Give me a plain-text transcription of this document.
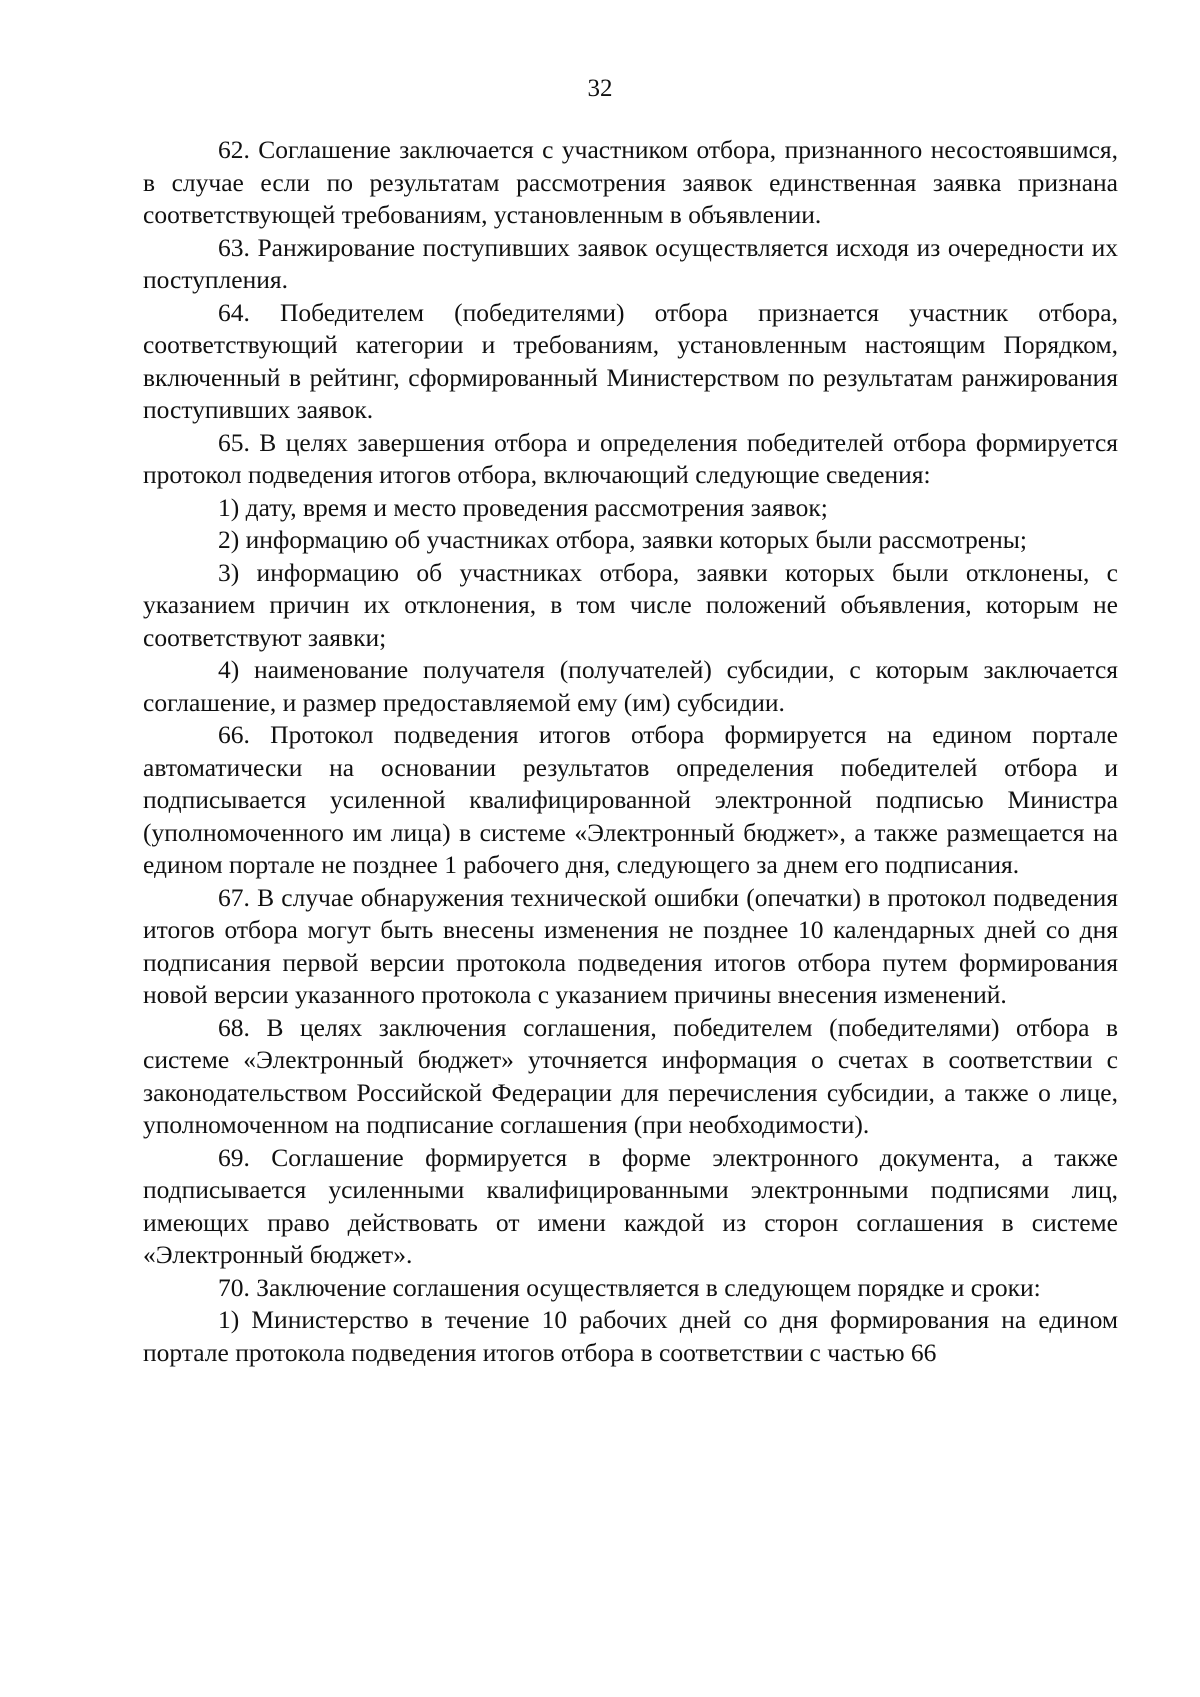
32

62. Соглашение заключается с участником отбора, признанного несостоявшимся, в случае если по результатам рассмотрения заявок единственная заявка признана соответствующей требованиям, установленным в объявлении.

63. Ранжирование поступивших заявок осуществляется исходя из очередности их поступления.

64. Победителем (победителями) отбора признается участник отбора, соответствующий категории и требованиям, установленным настоящим Порядком, включенный в рейтинг, сформированный Министерством по результатам ранжирования поступивших заявок.

65. В целях завершения отбора и определения победителей отбора формируется протокол подведения итогов отбора, включающий следующие сведения:

1) дату, время и место проведения рассмотрения заявок;

2) информацию об участниках отбора, заявки которых были рассмотрены;

3) информацию об участниках отбора, заявки которых были отклонены, с указанием причин их отклонения, в том числе положений объявления, которым не соответствуют заявки;

4) наименование получателя (получателей) субсидии, с которым заключается соглашение, и размер предоставляемой ему (им) субсидии.

66. Протокол подведения итогов отбора формируется на едином портале автоматически на основании результатов определения победителей отбора и подписывается усиленной квалифицированной электронной подписью Министра (уполномоченного им лица) в системе «Электронный бюджет», а также размещается на едином портале не позднее 1 рабочего дня, следующего за днем его подписания.

67. В случае обнаружения технической ошибки (опечатки) в протокол подведения итогов отбора могут быть внесены изменения не позднее 10 календарных дней со дня подписания первой версии протокола подведения итогов отбора путем формирования новой версии указанного протокола с указанием причины внесения изменений.

68. В целях заключения соглашения, победителем (победителями) отбора в системе «Электронный бюджет» уточняется информация о счетах в соответствии с законодательством Российской Федерации для перечисления субсидии, а также о лице, уполномоченном на подписание соглашения (при необходимости).

69. Соглашение формируется в форме электронного документа, а также подписывается усиленными квалифицированными электронными подписями лиц, имеющих право действовать от имени каждой из сторон соглашения в системе «Электронный бюджет».

70. Заключение соглашения осуществляется в следующем порядке и сроки:

1) Министерство в течение 10 рабочих дней со дня формирования на едином портале протокола подведения итогов отбора в соответствии с частью 66
